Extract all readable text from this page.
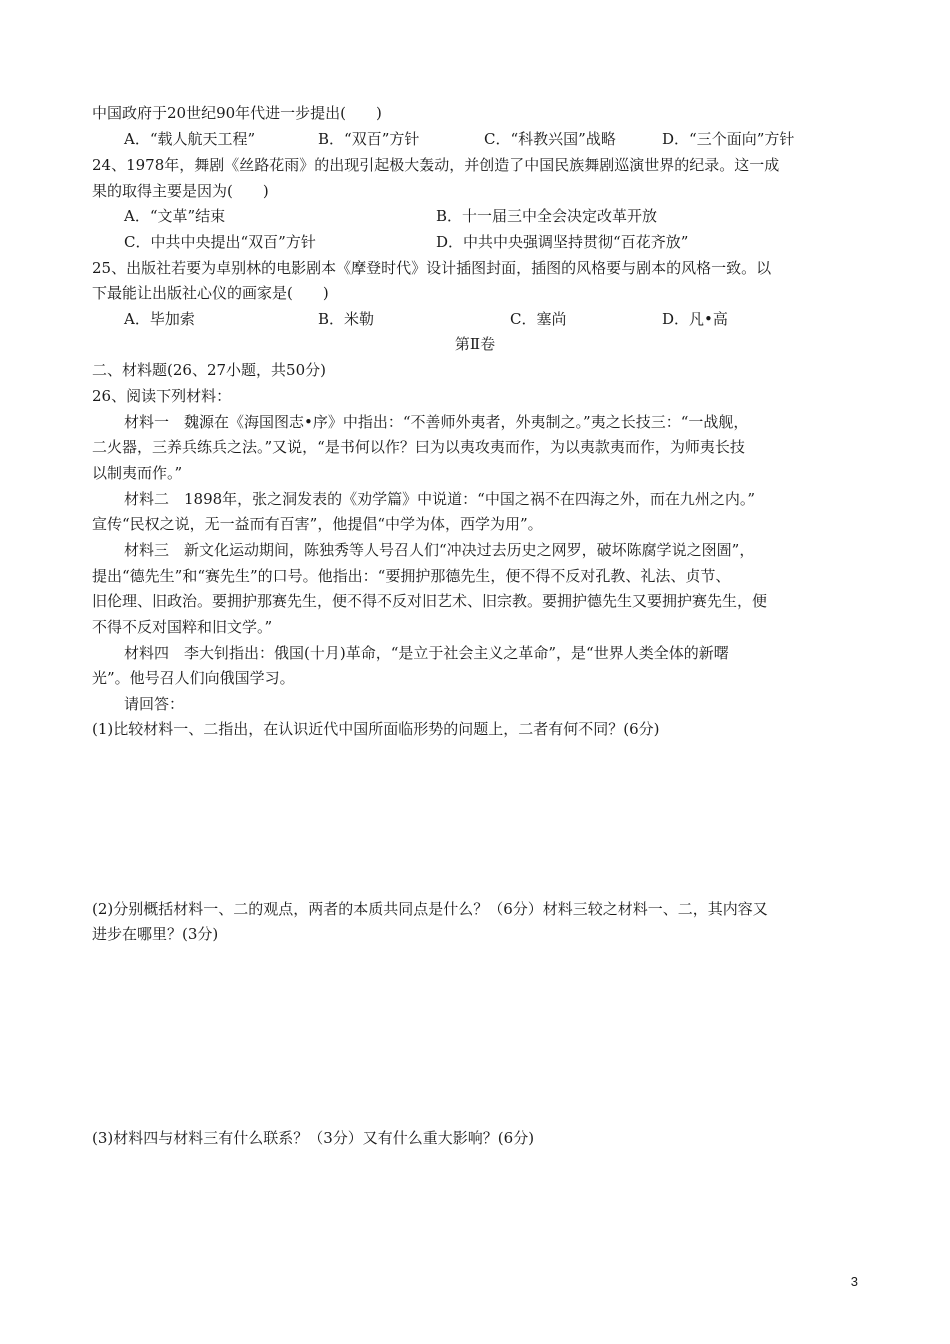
中国政府于20世纪90年代进一步提出(　　)
A．“载人航天工程”	B．“双百”方针	C．“科教兴国”战略	D．“三个面向”方针
24、1978年，舞剧《丝路花雨》的出现引起极大轰动，并创造了中国民族舞剧巡演世界的纪录。这一成
果的取得主要是因为(　　)
A．“文革”结束	B．十一届三中全会决定改革开放
C．中共中央提出“双百”方针	D．中共中央强调坚持贯彻“百花齐放”
25、出版社若要为卓别林的电影剧本《摩登时代》设计插图封面，插图的风格要与剧本的风格一致。以
下最能让出版社心仪的画家是(　　)
A．毕加索	B．米勒	C．塞尚	D．凡•高
第Ⅱ卷
二、材料题(26、27小题，共50分)
26、阅读下列材料：
材料一　魏源在《海国图志•序》中指出：“不善师外夷者，外夷制之。”夷之长技三：“一战舰，
二火器，三养兵练兵之法。”又说，“是书何以作？曰为以夷攻夷而作，为以夷款夷而作，为师夷长技
以制夷而作。”
材料二　1898年，张之洞发表的《劝学篇》中说道：“中国之祸不在四海之外，而在九州之内。”
宣传“民权之说，无一益而有百害”，他提倡“中学为体，西学为用”。
材料三　新文化运动期间，陈独秀等人号召人们“冲决过去历史之网罗，破坏陈腐学说之囹圄”，
提出“德先生”和“赛先生”的口号。他指出：“要拥护那德先生，便不得不反对孔教、礼法、贞节、
旧伦理、旧政治。要拥护那赛先生，便不得不反对旧艺术、旧宗教。要拥护德先生又要拥护赛先生，便
不得不反对国粹和旧文学。”
材料四　李大钊指出：俄国(十月)革命，“是立于社会主义之革命”，是“世界人类全体的新曙
光”。他号召人们向俄国学习。
请回答：
(1)比较材料一、二指出，在认识近代中国所面临形势的问题上，二者有何不同？(6分)
(2)分别概括材料一、二的观点，两者的本质共同点是什么？（6分）材料三较之材料一、二，其内容又
进步在哪里？(3分)
(3)材料四与材料三有什么联系？（3分）又有什么重大影响？(6分)
3
